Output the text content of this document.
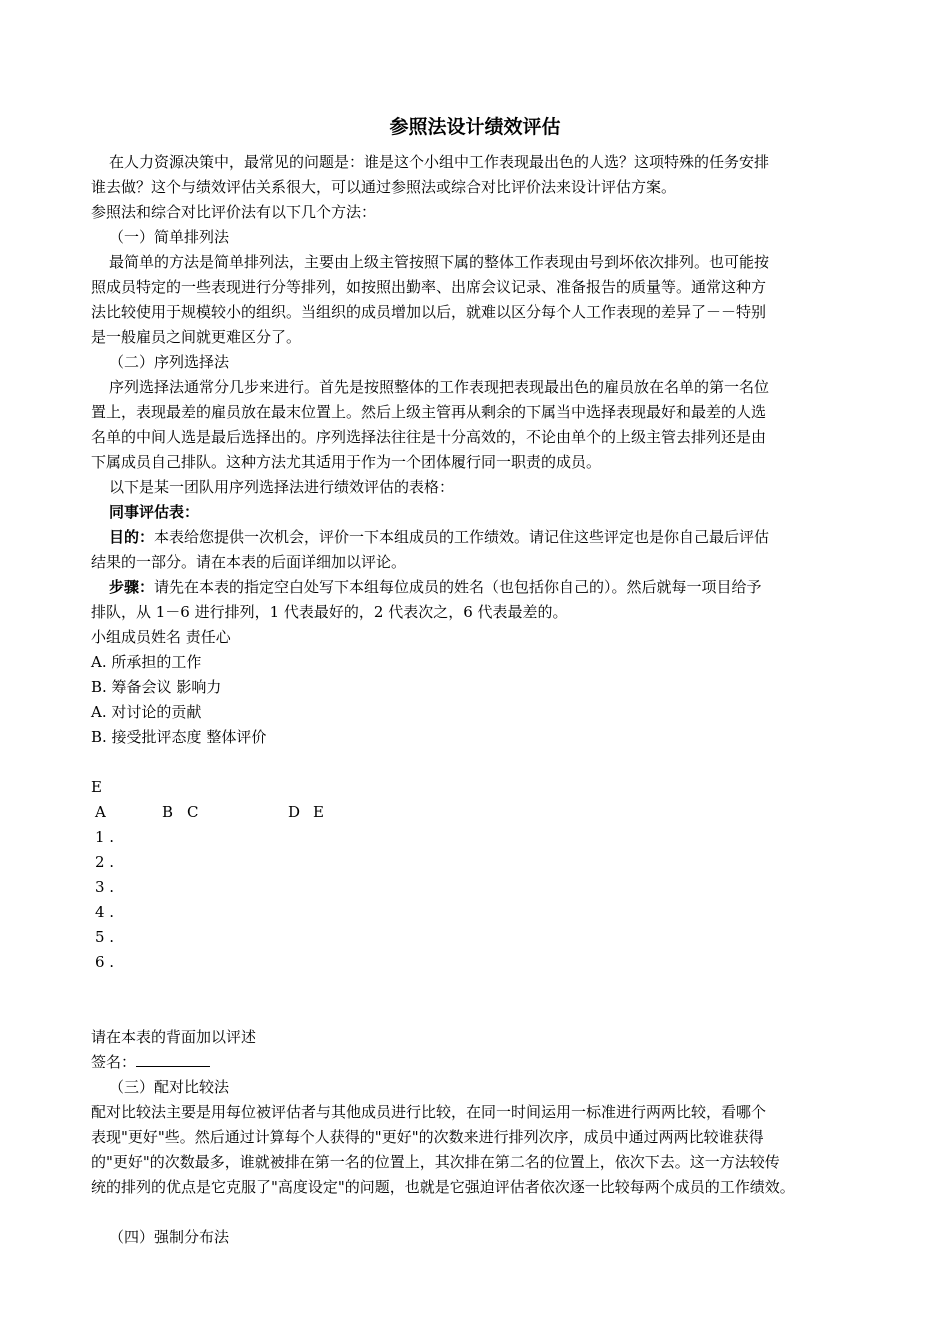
参照法设计绩效评估
在人力资源决策中，最常见的问题是：谁是这个小组中工作表现最出色的人选？这项特殊的任务安排
谁去做？这个与绩效评估关系很大，可以通过参照法或综合对比评价法来设计评估方案。
参照法和综合对比评价法有以下几个方法：
（一）简单排列法
最简单的方法是简单排列法，主要由上级主管按照下属的整体工作表现由号到坏依次排列。也可能按
照成员特定的一些表现进行分等排列，如按照出勤率、出席会议记录、准备报告的质量等。通常这种方
法比较使用于规模较小的组织。当组织的成员增加以后，就难以区分每个人工作表现的差异了－－特别
是一般雇员之间就更难区分了。
（二）序列选择法
序列选择法通常分几步来进行。首先是按照整体的工作表现把表现最出色的雇员放在名单的第一名位
置上，表现最差的雇员放在最末位置上。然后上级主管再从剩余的下属当中选择表现最好和最差的人选
名单的中间人选是最后选择出的。序列选择法往往是十分高效的，不论由单个的上级主管去排列还是由
下属成员自己排队。这种方法尤其适用于作为一个团体履行同一职责的成员。
以下是某一团队用序列选择法进行绩效评估的表格：
同事评估表：
目的：本表给您提供一次机会，评价一下本组成员的工作绩效。请记住这些评定也是你自己最后评估
结果的一部分。请在本表的后面详细加以评论。
步骤：请先在本表的指定空白处写下本组每位成员的姓名（也包括你自己的）。然后就每一项目给予
排队，从 1－6 进行排列，1 代表最好的，2 代表次之，6 代表最差的。
小组成员姓名 责任心
A. 所承担的工作
B. 筹备会议 影响力
A. 对讨论的贡献
B. 接受批评态度 整体评价
E
A	B C	D E
1 .
2 .
3 .
4 .
5 .
6 .
请在本表的背面加以评述
签名：
（三）配对比较法
配对比较法主要是用每位被评估者与其他成员进行比较，在同一时间运用一标准进行两两比较，看哪个
表现"更好"些。然后通过计算每个人获得的"更好"的次数来进行排列次序，成员中通过两两比较谁获得
的"更好"的次数最多，谁就被排在第一名的位置上，其次排在第二名的位置上，依次下去。这一方法较传
统的排列的优点是它克服了"高度设定"的问题，也就是它强迫评估者依次逐一比较每两个成员的工作绩效。
（四）强制分布法
